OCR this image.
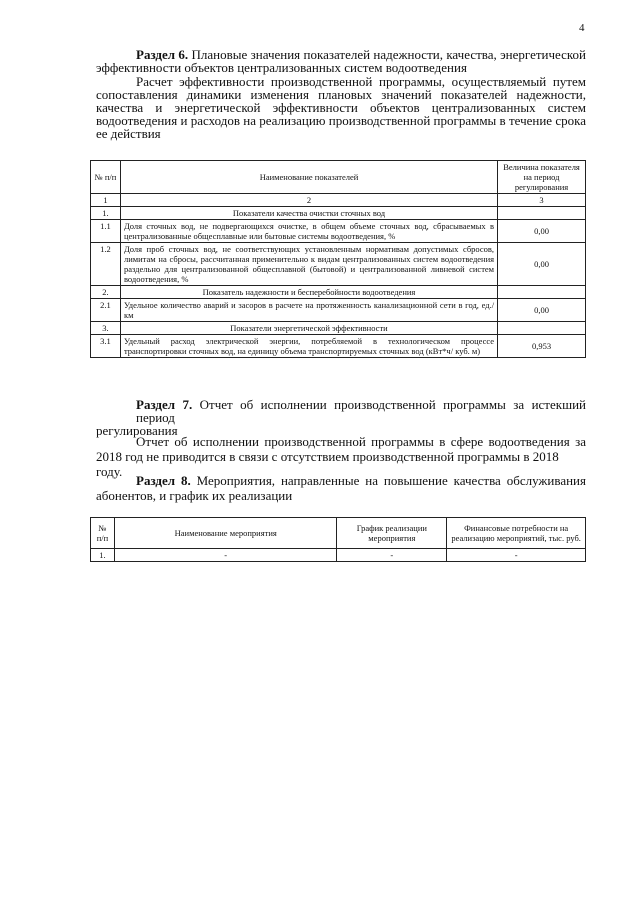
4
Раздел 6. Плановые значения показателей надежности, качества, энергетической
эффективности объектов централизованных систем водоотведения
Расчет эффективности производственной программы, осуществляемый путем
сопоставления динамики изменения плановых значений показателей надежности,
качества и энергетической эффективности объектов централизованных систем
водоотведения и расходов на реализацию производственной программы в течение срока
ее действия
№ п/п	Наименование показателей	Величина показателя на период регулирования
1	2	3
1.	Показатели качества очистки сточных вод	
1.1	Доля сточных вод, не подвергающихся очистке, в общем объеме сточных вод, сбрасываемых в централизованные общесплавные или бытовые системы водоотведения, %	0,00
1.2	Доля проб сточных вод, не соответствующих установленным нормативам допустимых сбросов, лимитам на сбросы, рассчитанная применительно к видам централизованных систем водоотведения раздельно для централизованной общесплавной (бытовой) и централизованной ливневой систем водоотведения, %	0,00
2.	Показатель надежности и бесперебойности водоотведения	
2.1	Удельное количество аварий и засоров в расчете на протяженность канализационной сети в год, ед./км	0,00
3.	Показатели энергетической эффективности	
3.1	Удельный расход электрической энергии, потребляемой в технологическом процессе транспортировки сточных вод, на единицу объема транспортируемых сточных вод (кВт*ч/ куб. м)	0,953
Раздел 7. Отчет об исполнении производственной программы за истекший период
регулирования
Отчет об исполнении производственной программы в сфере водоотведения за
2018 год не приводится в связи с отсутствием производственной программы в 2018 году.
Раздел 8. Мероприятия, направленные на повышение качества обслуживания
абонентов, и график их реализации
№ п/п	Наименование мероприятия	График реализации мероприятия	Финансовые потребности на реализацию мероприятий, тыс. руб.
1.	-	-	-
